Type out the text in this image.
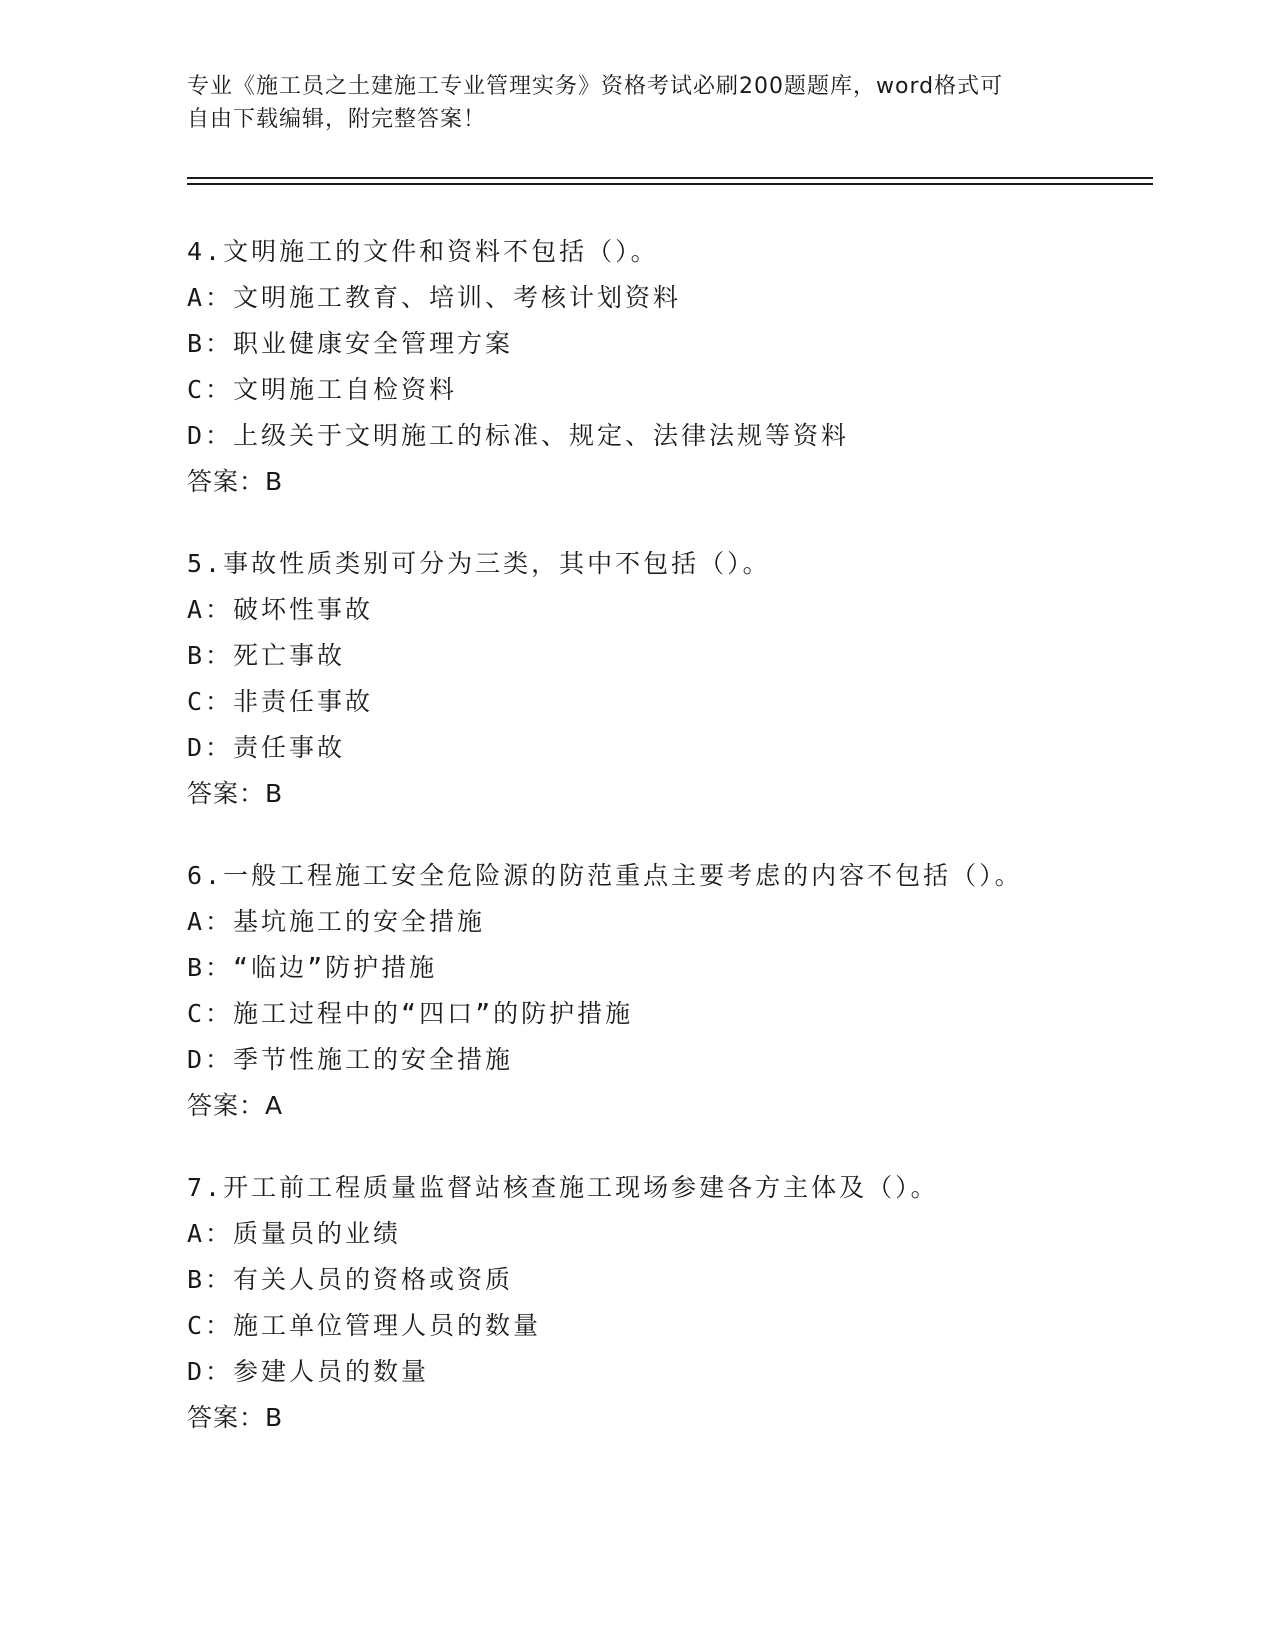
专业《施工员之土建施工专业管理实务》资格考试必刷200题题库，word格式可

自由下载编辑，附完整答案！

4.文明施工的文件和资料不包括（）。
A：文明施工教育、培训、考核计划资料
B：职业健康安全管理方案
C：文明施工自检资料
D：上级关于文明施工的标准、规定、法律法规等资料
答案：B
5.事故性质类别可分为三类，其中不包括（）。
A：破坏性事故
B：死亡事故
C：非责任事故
D：责任事故
答案：B
6.一般工程施工安全危险源的防范重点主要考虑的内容不包括（）。
A：基坑施工的安全措施
B：“临边”防护措施
C：施工过程中的“四口”的防护措施
D：季节性施工的安全措施
答案：A
7.开工前工程质量监督站核查施工现场参建各方主体及（）。
A：质量员的业绩
B：有关人员的资格或资质
C：施工单位管理人员的数量
D：参建人员的数量
答案：B
